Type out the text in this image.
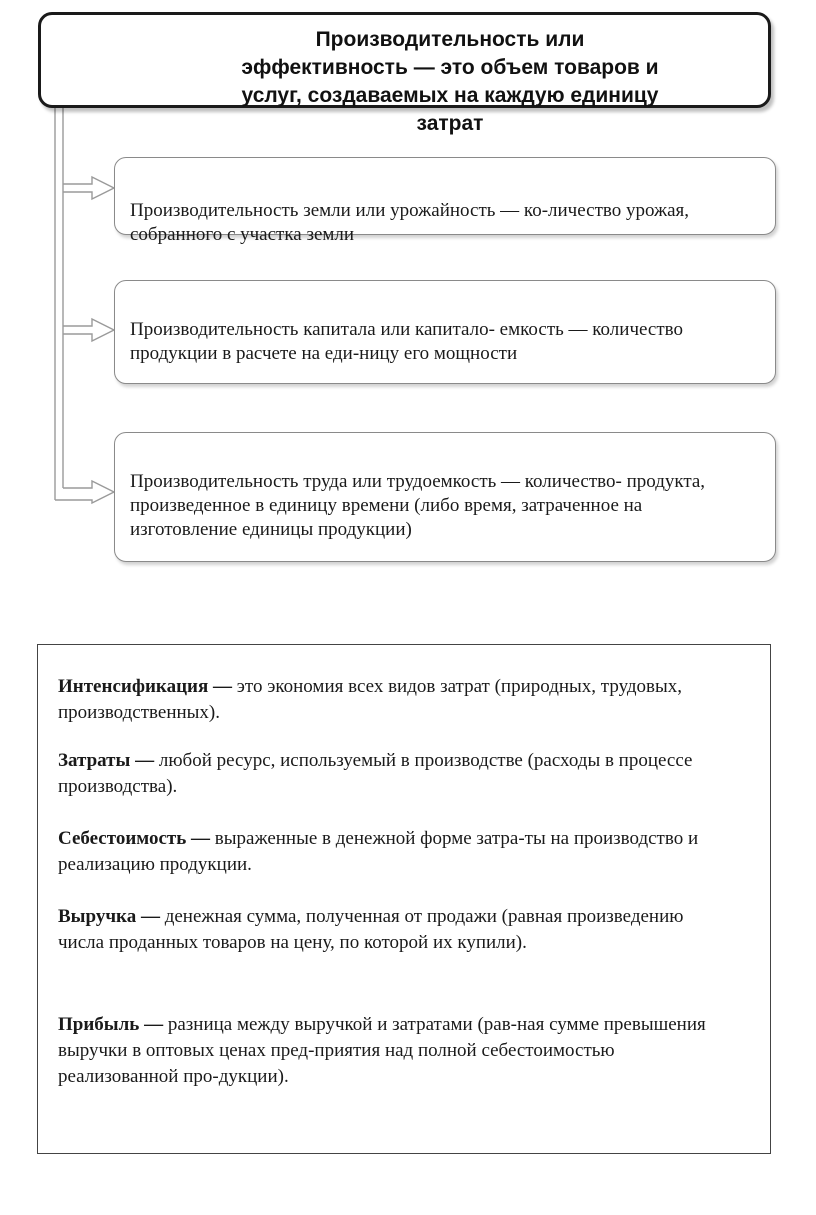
Производительность или эффективность — это объем товаров и услуг, создаваемых на каждую единицу затрат
Производительность земли или урожайность — ко-личество урожая, собранного с участка земли
Производительность капитала или капитало- емкость — количество продукции в расчете на еди-ницу его мощности
Производительность труда или трудоемкость — количество- продукта, произведенное в единицу времени (либо время, затраченное на изготовление единицы продукции)
Интенсификация — это экономия всех видов затрат (природных, трудовых, производственных).
Затраты — любой ресурс, используемый в производстве (расходы в процессе производства).
Себестоимость — выраженные в денежной форме затра-ты на производство и реализацию продукции.
Выручка — денежная сумма, полученная от продажи (равная произведению числа проданных товаров на цену, по которой их купили).
Прибыль — разница между выручкой и затратами (рав-ная сумме превышения выручки в оптовых ценах пред-приятия над полной себестоимостью реализованной про-дукции).
